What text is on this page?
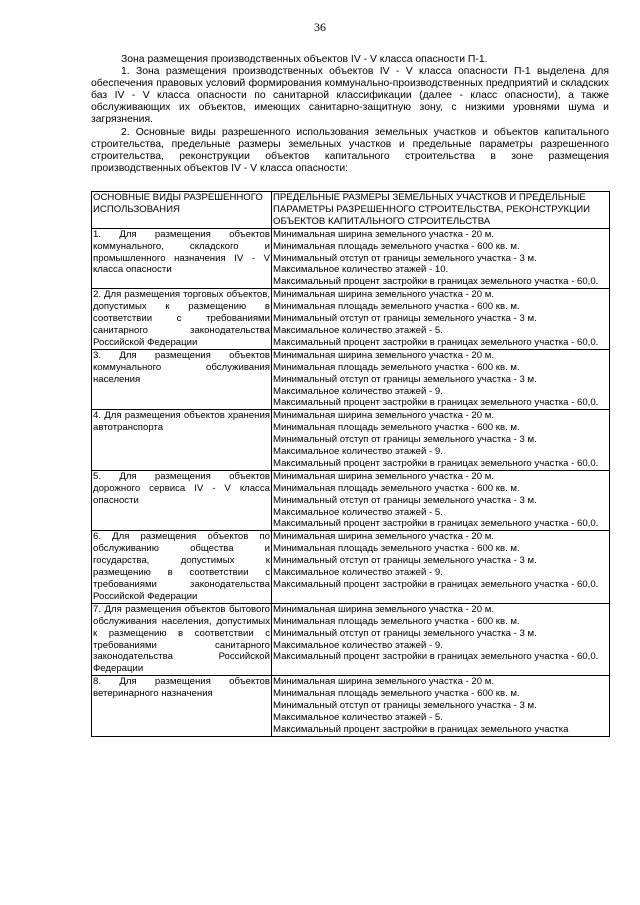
36

Зона размещения производственных объектов IV - V класса опасности П-1.

1. Зона размещения производственных объектов IV - V класса опасности П-1 выделена для обеспечения правовых условий формирования коммунально-производственных предприятий и складских баз IV - V класса опасности по санитарной классификации (далее - класс опасности), а также обслуживающих их объектов, имеющих санитарно-защитную зону, с низкими уровнями шума и загрязнения.

2. Основные виды разрешенного использования земельных участков и объектов капитального строительства, предельные размеры земельных участков и предельные параметры разрешенного строительства, реконструкции объектов капитального строительства в зоне размещения производственных объектов IV - V класса опасности:

ОСНОВНЫЕ ВИДЫ РАЗРЕШЕННОГО ИСПОЛЬЗОВАНИЯ	ПРЕДЕЛЬНЫЕ РАЗМЕРЫ ЗЕМЕЛЬНЫХ УЧАСТКОВ И ПРЕДЕЛЬНЫЕ ПАРАМЕТРЫ РАЗРЕШЕННОГО СТРОИТЕЛЬСТВА, РЕКОНСТРУКЦИИ ОБЪЕКТОВ КАПИТАЛЬНОГО СТРОИТЕЛЬСТВА
1. Для размещения объектов коммунального, складского и промышленного назначения IV - V класса опасности	Минимальная ширина земельного участка - 20 м.
Минимальная площадь земельного участка - 600 кв. м.
Минимальный отступ от границы земельного участка - 3 м.
Максимальное количество этажей - 10.
Максимальный процент застройки в границах земельного участка - 60,0.

2. Для размещения торговых объектов, допустимых к размещению в соответствии с требованиями санитарного законодательства Российской Федерации	Минимальная ширина земельного участка - 20 м.
Минимальная площадь земельного участка - 600 кв. м.
Минимальный отступ от границы земельного участка - 3 м.
Максимальное количество этажей - 5.
Максимальный процент застройки в границах земельного участка - 60,0.

3. Для размещения объектов коммунального обслуживания населения	Минимальная ширина земельного участка - 20 м.
Минимальная площадь земельного участка - 600 кв. м.
Минимальный отступ от границы земельного участка - 3 м.
Максимальное количество этажей - 9.
Максимальный процент застройки в границах земельного участка - 60,0.

4. Для размещения объектов хранения автотранспорта	Минимальная ширина земельного участка - 20 м.
Минимальная площадь земельного участка - 600 кв. м.
Минимальный отступ от границы земельного участка - 3 м.
Максимальное количество этажей - 9.
Максимальный процент застройки в границах земельного участка - 60,0.

5. Для размещения объектов дорожного сервиса IV - V класса опасности	Минимальная ширина земельного участка - 20 м.
Минимальная площадь земельного участка - 600 кв. м.
Минимальный отступ от границы земельного участка - 3 м.
Максимальное количество этажей - 5.
Максимальный процент застройки в границах земельного участка - 60,0.

6. Для размещения объектов по обслуживанию общества и государства, допустимых к размещению в соответствии с требованиями законодательства Российской Федерации	Минимальная ширина земельного участка - 20 м.
Минимальная площадь земельного участка - 600 кв. м.
Минимальный отступ от границы земельного участка - 3 м.
Максимальное количество этажей - 9.
Максимальный процент застройки в границах земельного участка - 60,0.

7. Для размещения объектов бытового обслуживания населения, допустимых к размещению в соответствии с требованиями санитарного законодательства Российской Федерации	Минимальная ширина земельного участка - 20 м.
Минимальная площадь земельного участка - 600 кв. м.
Минимальный отступ от границы земельного участка - 3 м.
Максимальное количество этажей - 9.
Максимальный процент застройки в границах земельного участка - 60,0.

8. Для размещения объектов ветеринарного назначения	Минимальная ширина земельного участка - 20 м.
Минимальная площадь земельного участка - 600 кв. м.
Минимальный отступ от границы земельного участка - 3 м.
Максимальное количество этажей - 5.
Максимальный процент застройки в границах земельного участка
